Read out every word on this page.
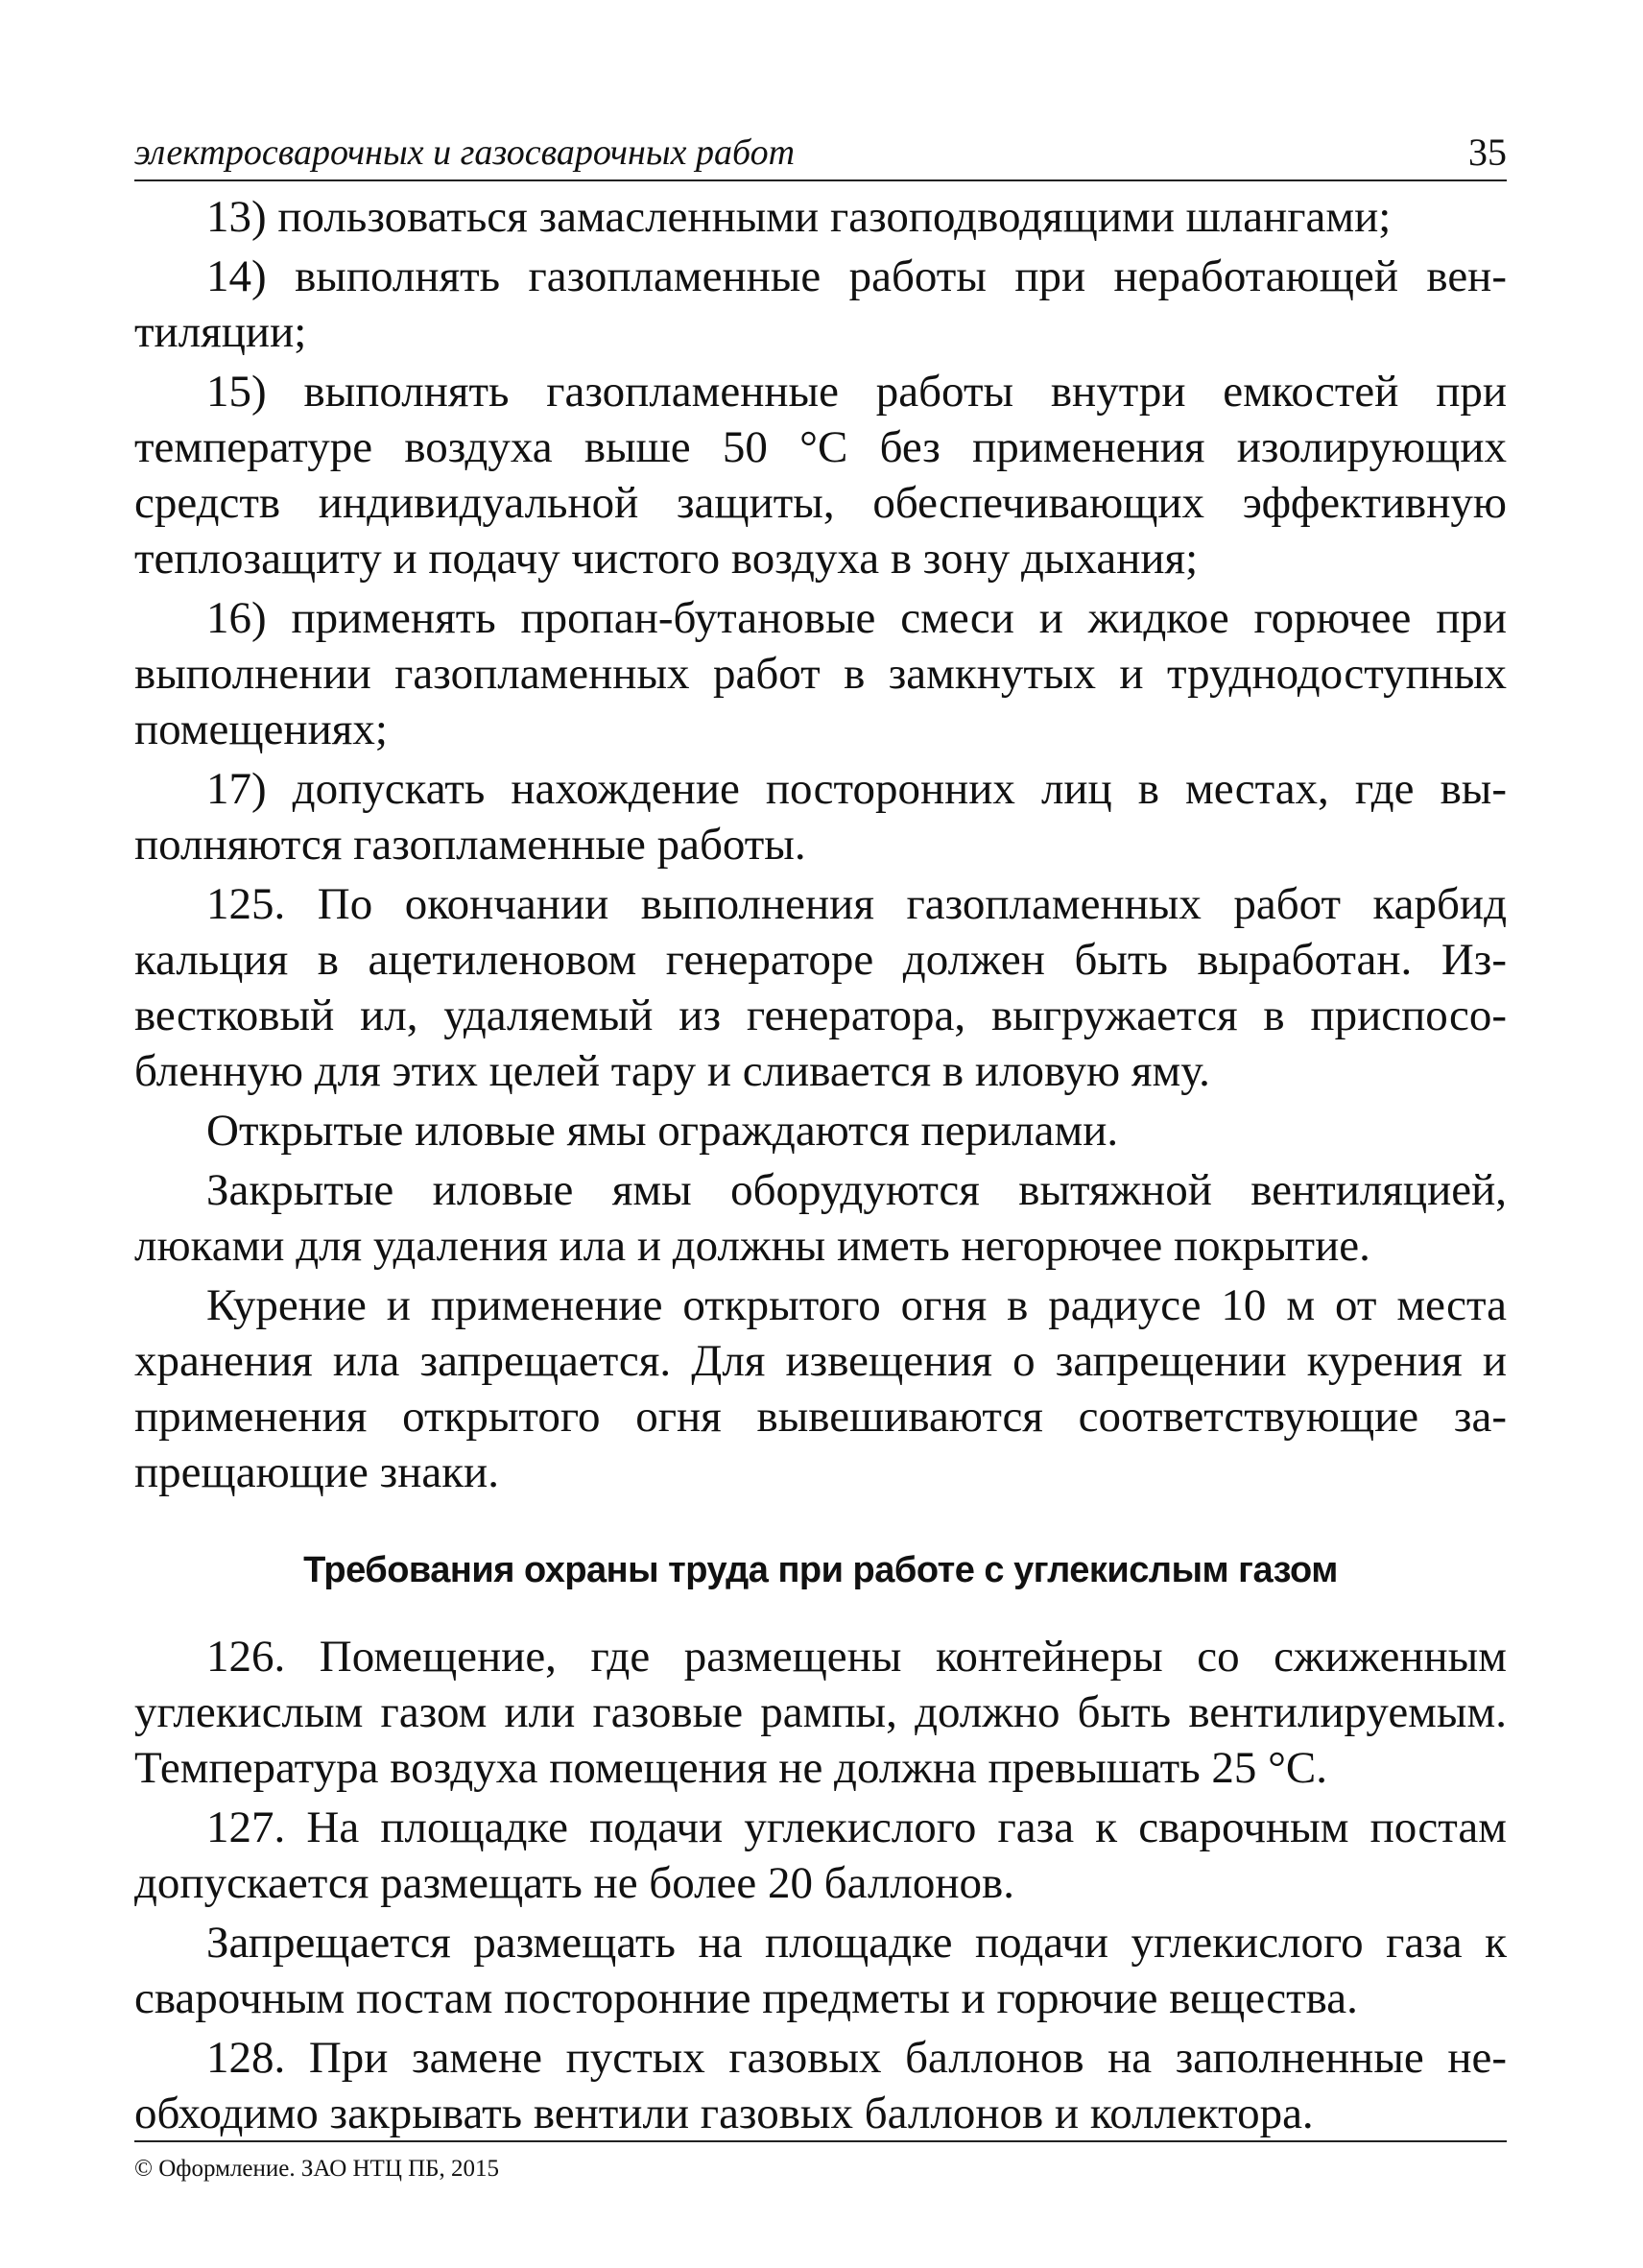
электросварочных и газосварочных работ	35

13) пользоваться замасленными газоподводящими шлангами;

14) выполнять газопламенные работы при неработающей вентиляции;

15) выполнять газопламенные работы внутри емкостей при температуре воздуха выше 50 °С без применения изолирующих средств индивидуальной защиты, обеспечивающих эффективную теплозащиту и подачу чистого воздуха в зону дыхания;

16) применять пропан-бутановые смеси и жидкое горючее при выполнении газопламенных работ в замкнутых и труднодоступных помещениях;

17) допускать нахождение посторонних лиц в местах, где выполняются газопламенные работы.

125. По окончании выполнения газопламенных работ карбид кальция в ацетиленовом генераторе должен быть выработан. Известковый ил, удаляемый из генератора, выгружается в приспособленную для этих целей тару и сливается в иловую яму.

Открытые иловые ямы ограждаются перилами.

Закрытые иловые ямы оборудуются вытяжной вентиляцией, люками для удаления ила и должны иметь негорючее покрытие.

Курение и применение открытого огня в радиусе 10 м от места хранения ила запрещается. Для извещения о запрещении курения и применения открытого огня вывешиваются соответствующие запрещающие знаки.

Требования охраны труда при работе с углекислым газом

126. Помещение, где размещены контейнеры со сжиженным углекислым газом или газовые рампы, должно быть вентилируемым. Температура воздуха помещения не должна превышать 25 °С.

127. На площадке подачи углекислого газа к сварочным постам допускается размещать не более 20 баллонов.

Запрещается размещать на площадке подачи углекислого газа к сварочным постам посторонние предметы и горючие вещества.

128. При замене пустых газовых баллонов на заполненные необходимо закрывать вентили газовых баллонов и коллектора.

© Оформление. ЗАО НТЦ ПБ, 2015
